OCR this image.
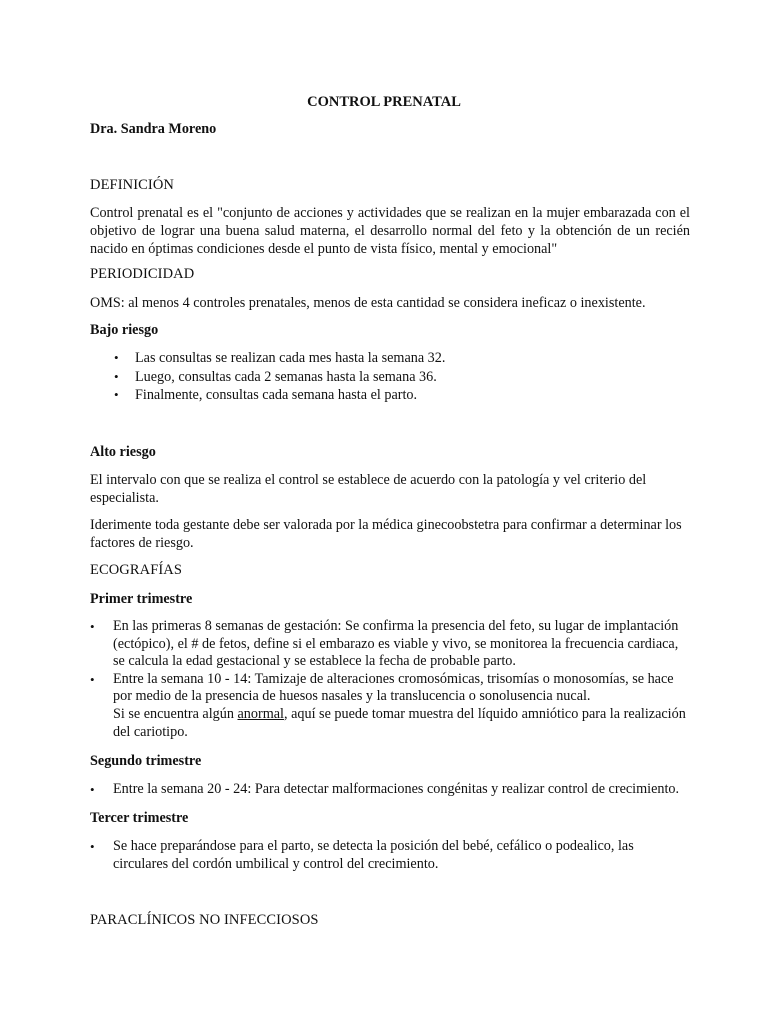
CONTROL PRENATAL

Dra. Sandra Moreno

DEFINICIÓN

Control prenatal es el "conjunto de acciones y actividades que se realizan en la mujer embarazada con el objetivo de lograr una buena salud materna, el desarrollo normal del feto y la obtención de un recién nacido en óptimas condiciones desde el punto de vista físico, mental y emocional"

PERIODICIDAD

OMS: al menos 4 controles prenatales, menos de esta cantidad se considera ineficaz o inexistente.

Bajo riesgo

• Las consultas se realizan cada mes hasta la semana 32.
• Luego, consultas cada 2 semanas hasta la semana 36.
• Finalmente, consultas cada semana hasta el parto.

Alto riesgo

El intervalo con que se realiza el control se establece de acuerdo con la patología y vel criterio del especialista.

Iderimente toda gestante debe ser valorada por la médica ginecoobstetra para confirmar a determinar los factores de riesgo.

ECOGRAFÍAS

Primer trimestre

• En las primeras 8 semanas de gestación: Se confirma la presencia del feto, su lugar de implantación (ectópico), el # de fetos, define si el embarazo es viable y vivo, se monitorea la frecuencia cardiaca, se calcula la edad gestacional y se establece la fecha de probable parto.
• Entre la semana 10 - 14: Tamizaje de alteraciones cromosómicas, trisomías o monosomías, se hace por medio de la presencia de huesos nasales y la translucencia o sonolusencia nucal.
Si se encuentra algún anormal, aquí se puede tomar muestra del líquido amniótico para la realización del cariotipo.

Segundo trimestre

• Entre la semana 20 - 24: Para detectar malformaciones congénitas y realizar control de crecimiento.

Tercer trimestre

• Se hace preparándose para el parto, se detecta la posición del bebé, cefálico o podealico, las circulares del cordón umbilical y control del crecimiento.

PARACLÍNICOS NO INFECCIOSOS
